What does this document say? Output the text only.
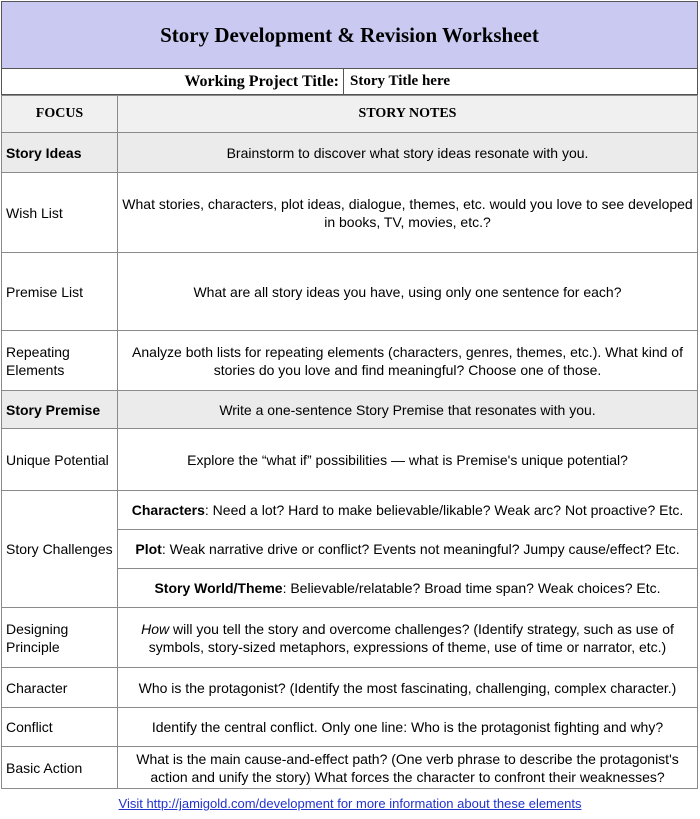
Story Development & Revision Worksheet
Working Project Title: Story Title here
FOCUS	STORY NOTES
Story Ideas	Brainstorm to discover what story ideas resonate with you.
Wish List	What stories, characters, plot ideas, dialogue, themes, etc. would you love to see developed in books, TV, movies, etc.?
Premise List	What are all story ideas you have, using only one sentence for each?
Repeating Elements	Analyze both lists for repeating elements (characters, genres, themes, etc.). What kind of stories do you love and find meaningful? Choose one of those.
Story Premise	Write a one-sentence Story Premise that resonates with you.
Unique Potential	Explore the “what if” possibilities — what is Premise's unique potential?
Story Challenges	Characters: Need a lot? Hard to make believable/likable? Weak arc? Not proactive? Etc.
	Plot: Weak narrative drive or conflict? Events not meaningful? Jumpy cause/effect? Etc.
	Story World/Theme: Believable/relatable? Broad time span? Weak choices? Etc.
Designing Principle	How will you tell the story and overcome challenges? (Identify strategy, such as use of symbols, story-sized metaphors, expressions of theme, use of time or narrator, etc.)
Character	Who is the protagonist? (Identify the most fascinating, challenging, complex character.)
Conflict	Identify the central conflict. Only one line: Who is the protagonist fighting and why?
Basic Action	What is the main cause-and-effect path? (One verb phrase to describe the protagonist's action and unify the story) What forces the character to confront their weaknesses?
Visit http://jamigold.com/development for more information about these elements
